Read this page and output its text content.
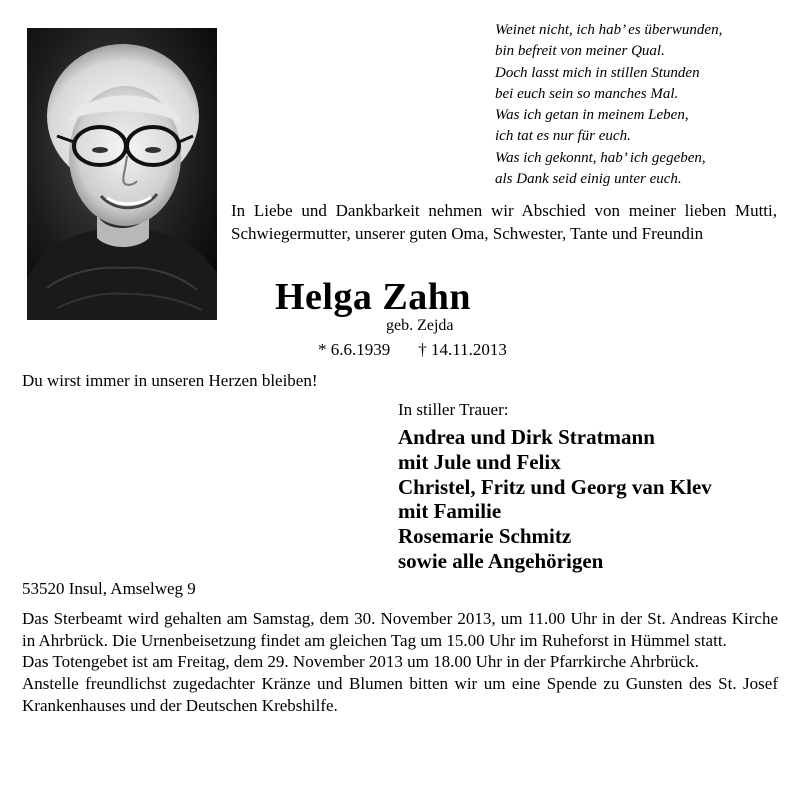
Weinet nicht, ich hab’ es überwunden,
bin befreit von meiner Qual.
Doch lasst mich in stillen Stunden
bei euch sein so manches Mal.
Was ich getan in meinem Leben,
ich tat es nur für euch.
Was ich gekonnt, hab’ ich gegeben,
als Dank seid einig unter euch.
In Liebe und Dankbarkeit nehmen wir Abschied von meiner lieben Mutti, Schwiegermutter, unserer guten Oma, Schwester, Tante und Freundin
Helga Zahn
geb. Zejda
* 6.6.1939 † 14.11.2013
Du wirst immer in unseren Herzen bleiben!
In stiller Trauer:
Andrea und Dirk Stratmann
mit Jule und Felix
Christel, Fritz und Georg van Klev
mit Familie
Rosemarie Schmitz
sowie alle Angehörigen
53520 Insul, Amselweg 9

Das Sterbeamt wird gehalten am Samstag, dem 30. November 2013, um 11.00 Uhr in der St. Andreas Kirche in Ahrbrück. Die Urnenbeisetzung findet am gleichen Tag um 15.00 Uhr im Ruheforst in Hümmel statt.

Das Totengebet ist am Freitag, dem 29. November 2013 um 18.00 Uhr in der Pfarrkirche Ahrbrück.

Anstelle freundlichst zugedachter Kränze und Blumen bitten wir um eine Spende zu Gunsten des St. Josef Krankenhauses und der Deutschen Krebshilfe.
